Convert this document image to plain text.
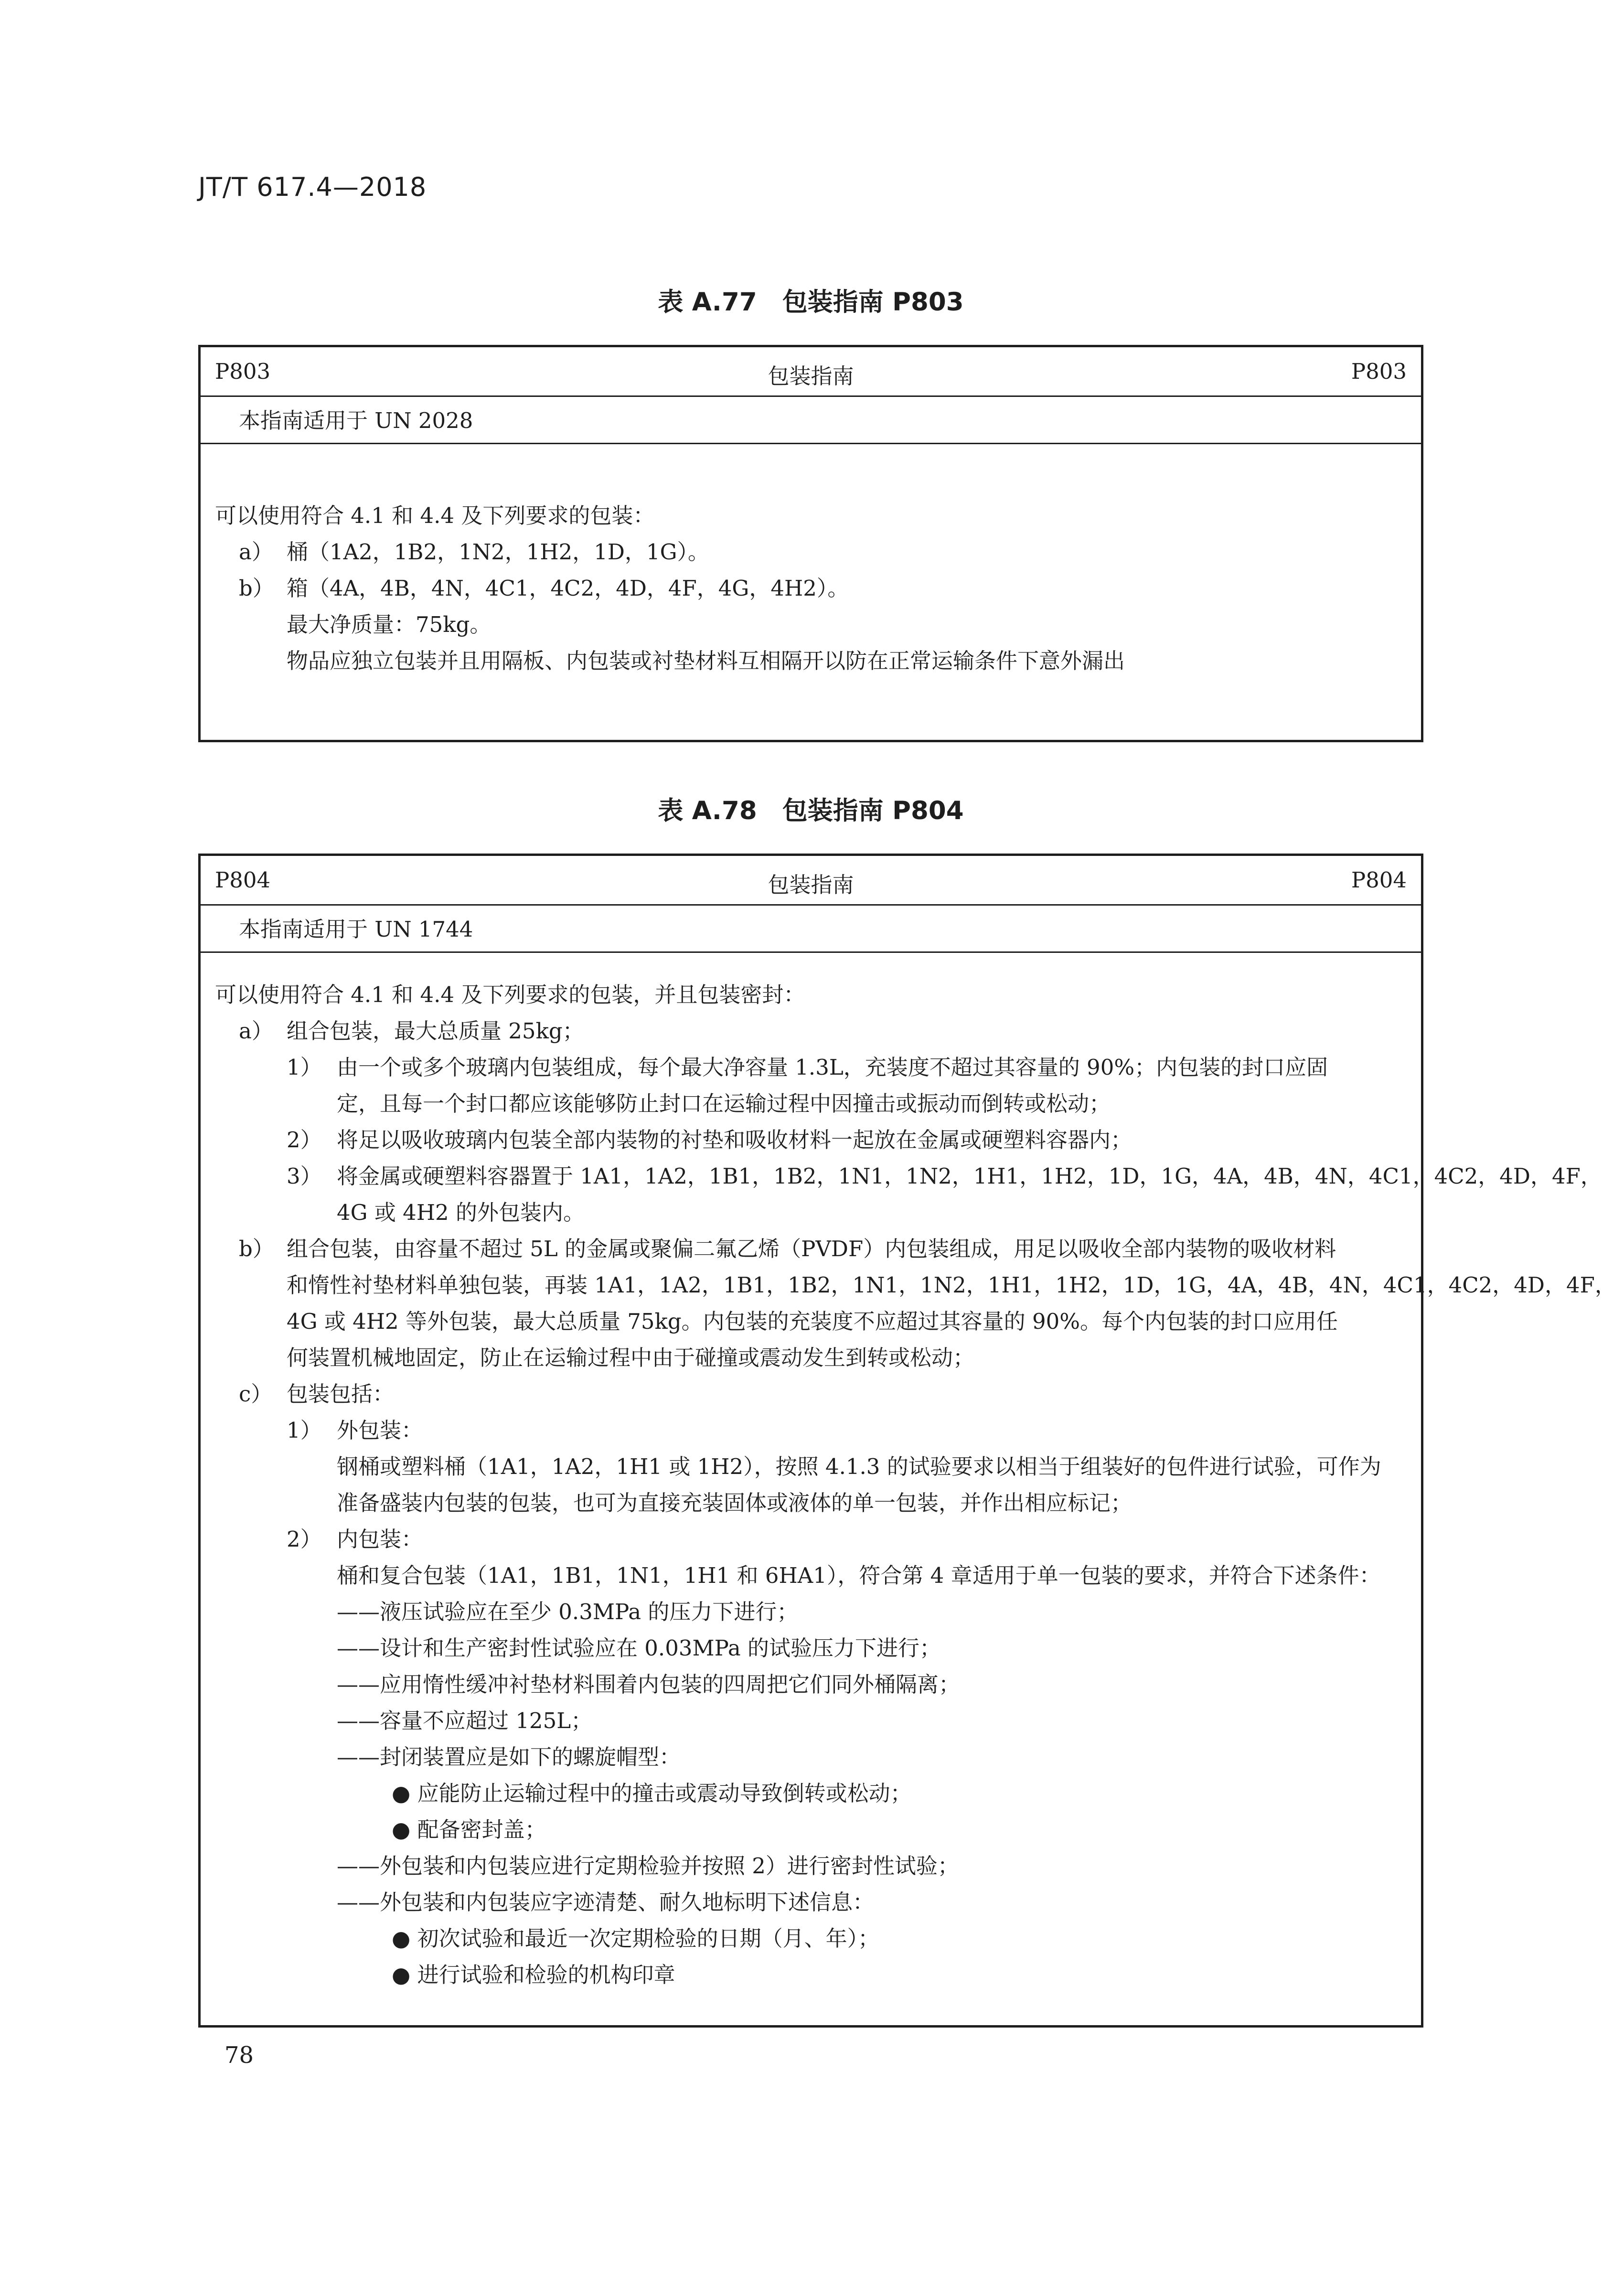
JT/T 617.4—2018
表 A.77　包装指南 P803
P803	包装指南	P803
本指南适用于 UN 2028
可以使用符合 4.1 和 4.4 及下列要求的包装：
a） 桶（1A2，1B2，1N2，1H2，1D，1G）。
b） 箱（4A，4B，4N，4C1，4C2，4D，4F，4G，4H2）。
最大净质量：75kg。
物品应独立包装并且用隔板、内包装或衬垫材料互相隔开以防在正常运输条件下意外漏出
表 A.78　包装指南 P804
P804	包装指南	P804
本指南适用于 UN 1744
可以使用符合 4.1 和 4.4 及下列要求的包装，并且包装密封：
a） 组合包装，最大总质量 25kg；
1） 由一个或多个玻璃内包装组成，每个最大净容量 1.3L，充装度不超过其容量的 90%；内包装的封口应固
定，且每一个封口都应该能够防止封口在运输过程中因撞击或振动而倒转或松动；
2） 将足以吸收玻璃内包装全部内装物的衬垫和吸收材料一起放在金属或硬塑料容器内；
3） 将金属或硬塑料容器置于 1A1，1A2，1B1，1B2，1N1，1N2，1H1，1H2，1D，1G，4A，4B，4N，4C1，4C2，4D，4F，
4G 或 4H2 的外包装内。
b） 组合包装，由容量不超过 5L 的金属或聚偏二氟乙烯（PVDF）内包装组成，用足以吸收全部内装物的吸收材料
和惰性衬垫材料单独包装，再装 1A1，1A2，1B1，1B2，1N1，1N2，1H1，1H2，1D，1G，4A，4B，4N，4C1，4C2，4D，4F，
4G 或 4H2 等外包装，最大总质量 75kg。内包装的充装度不应超过其容量的 90%。每个内包装的封口应用任
何装置机械地固定，防止在运输过程中由于碰撞或震动发生到转或松动；
c） 包装包括：
1） 外包装：
钢桶或塑料桶（1A1，1A2，1H1 或 1H2），按照 4.1.3 的试验要求以相当于组装好的包件进行试验，可作为
准备盛装内包装的包装，也可为直接充装固体或液体的单一包装，并作出相应标记；
2） 内包装：
桶和复合包装（1A1，1B1，1N1，1H1 和 6HA1），符合第 4 章适用于单一包装的要求，并符合下述条件：
——液压试验应在至少 0.3MPa 的压力下进行；
——设计和生产密封性试验应在 0.03MPa 的试验压力下进行；
——应用惰性缓冲衬垫材料围着内包装的四周把它们同外桶隔离；
——容量不应超过 125L；
——封闭装置应是如下的螺旋帽型：
● 应能防止运输过程中的撞击或震动导致倒转或松动；
● 配备密封盖；
——外包装和内包装应进行定期检验并按照 2）进行密封性试验；
——外包装和内包装应字迹清楚、耐久地标明下述信息：
● 初次试验和最近一次定期检验的日期（月、年）；
● 进行试验和检验的机构印章
78
